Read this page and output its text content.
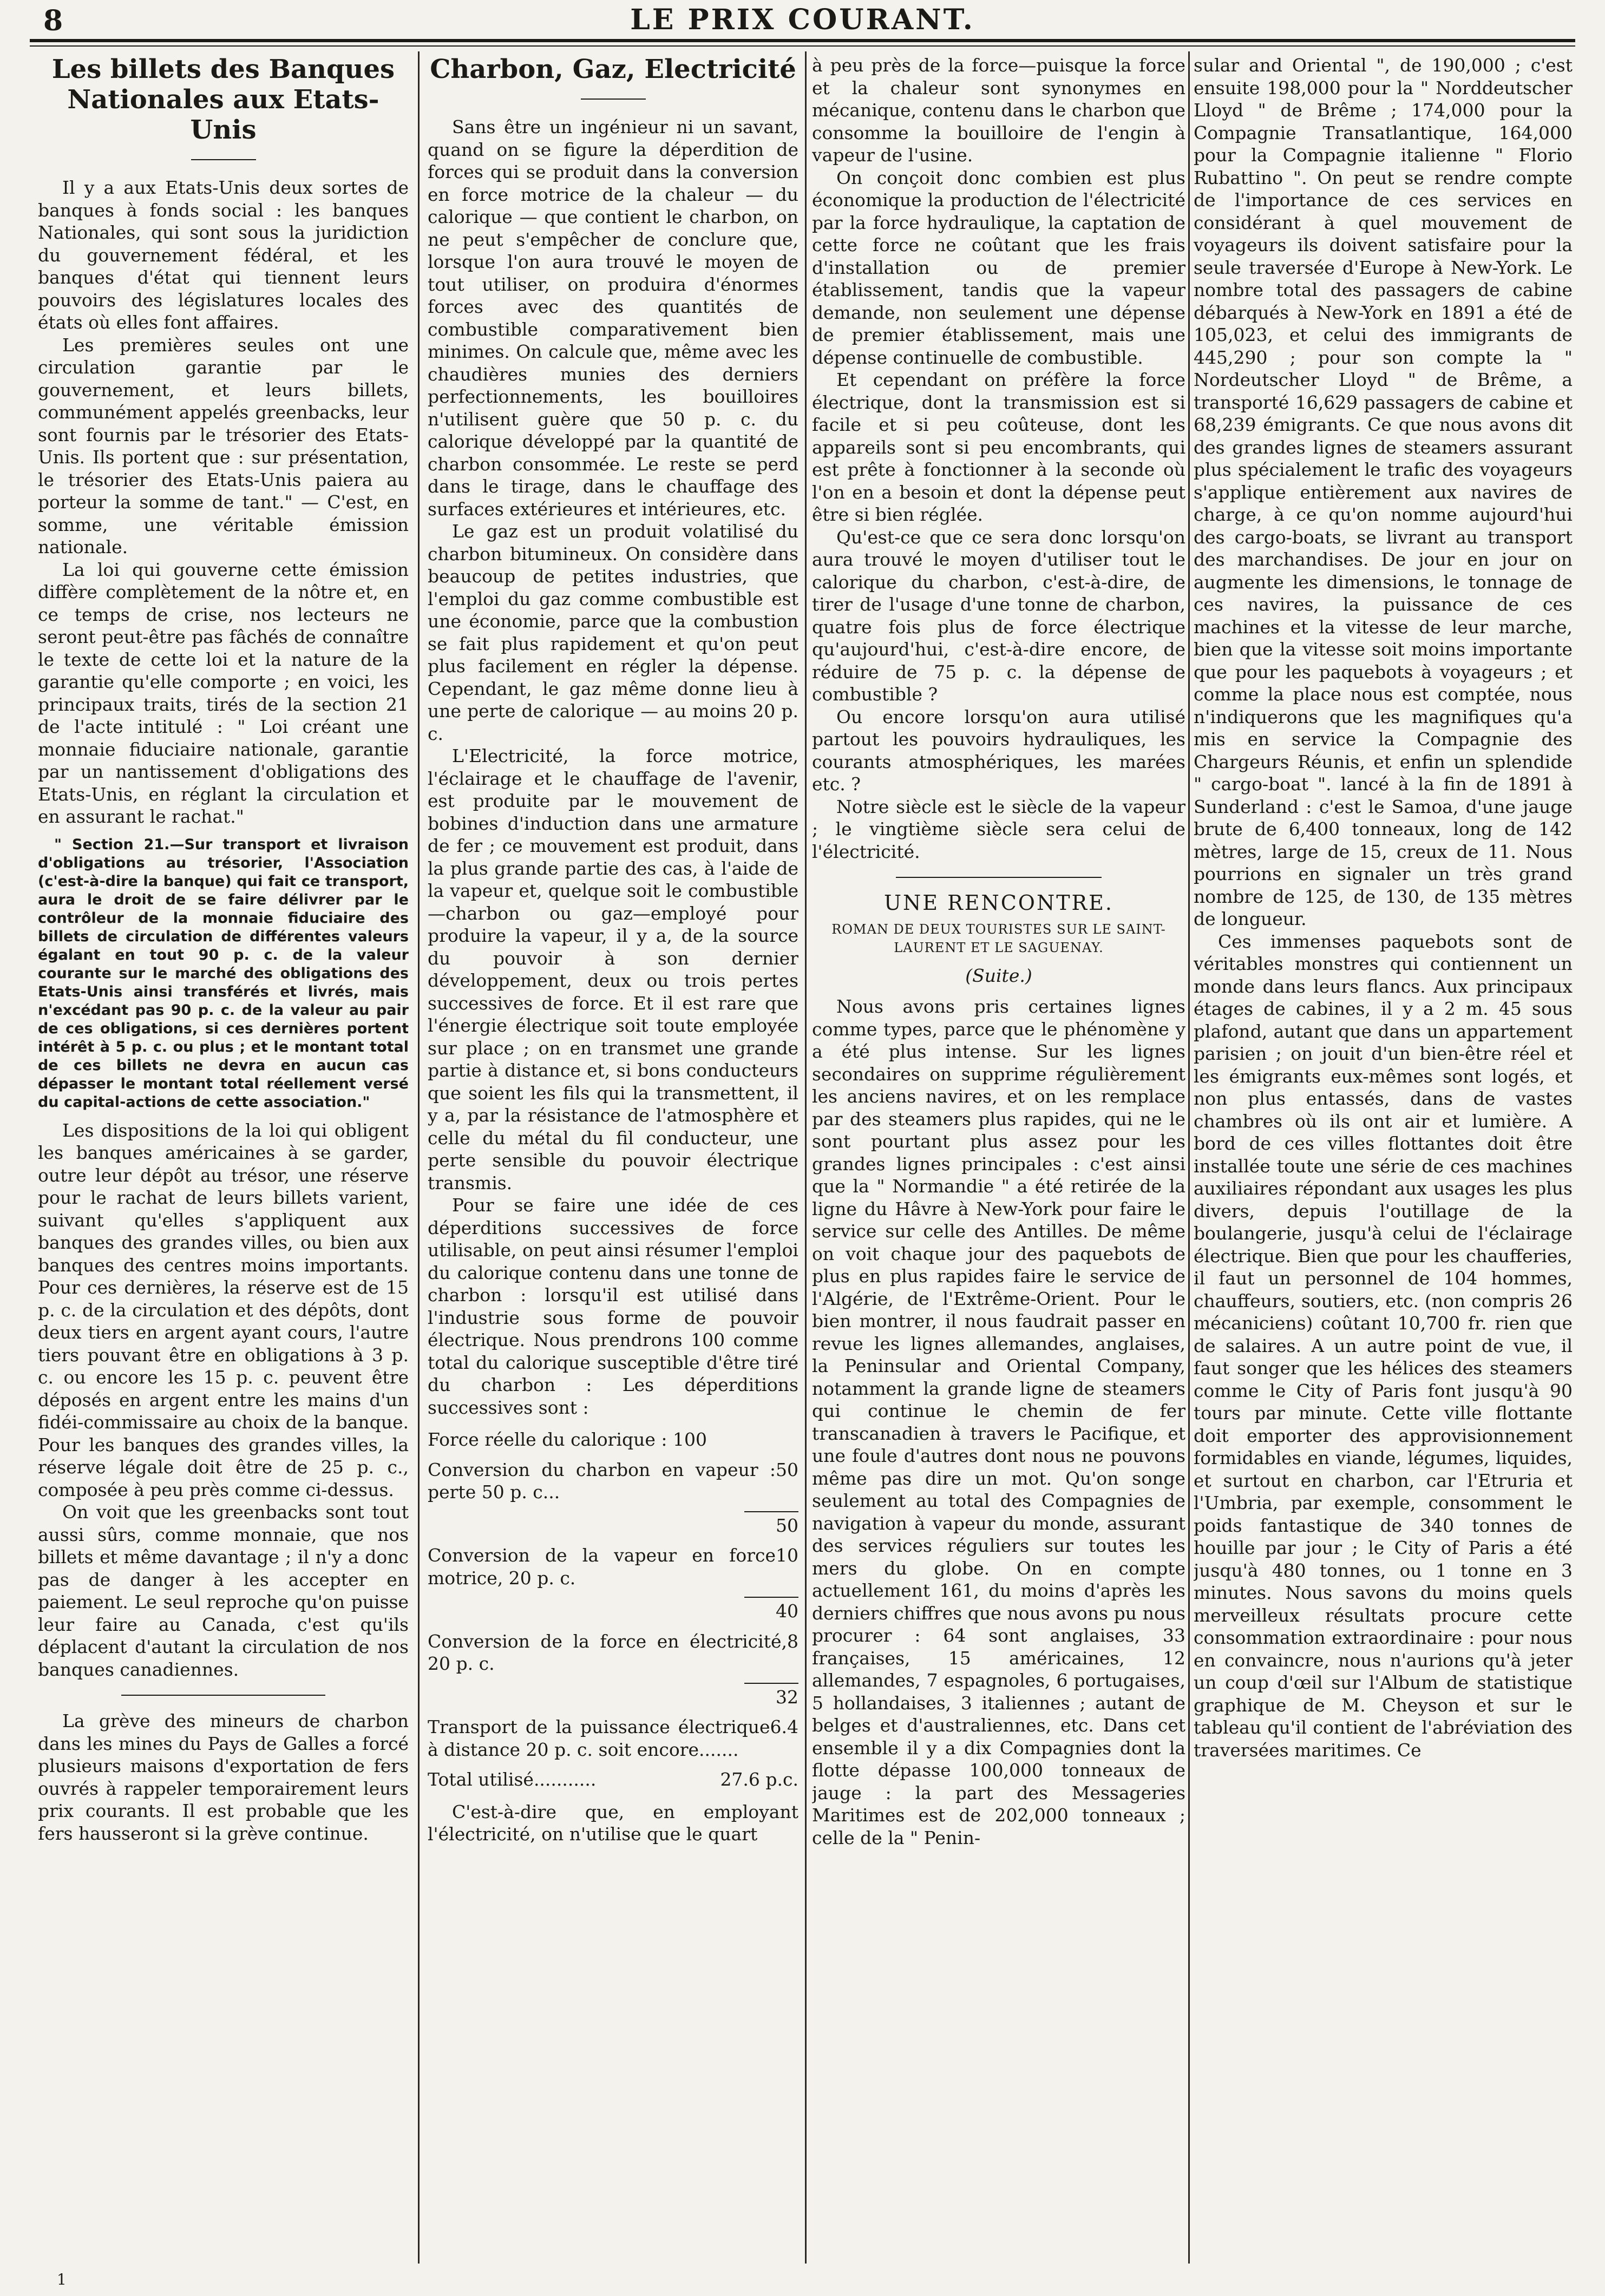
8	LE PRIX COURANT.
Les billets des Banques Nationales aux Etats-Unis

Il y a aux Etats-Unis deux sortes de banques à fonds social : les banques Nationales, qui sont sous la juridiction du gouvernement fédéral, et les banques d'état qui tiennent leurs pouvoirs des législatures locales des états où elles font affaires.

Les premières seules ont une circulation garantie par le gouvernement, et leurs billets, communément appelés greenbacks, leur sont fournis par le trésorier des Etats-Unis. Ils portent que : sur présentation, le trésorier des Etats-Unis paiera au porteur la somme de tant." — C'est, en somme, une véritable émission nationale.

La loi qui gouverne cette émission diffère complètement de la nôtre et, en ce temps de crise, nos lecteurs ne seront peut-être pas fâchés de connaître le texte de cette loi et la nature de la garantie qu'elle comporte ; en voici, les principaux traits, tirés de la section 21 de l'acte intitulé : " Loi créant une monnaie fiduciaire nationale, garantie par un nantissement d'obligations des Etats-Unis, en réglant la circulation et en assurant le rachat."

" Section 21.—Sur transport et livraison d'obligations au trésorier, l'Association (c'est-à-dire la banque) qui fait ce transport, aura le droit de se faire délivrer par le contrôleur de la monnaie fiduciaire des billets de circulation de différentes valeurs égalant en tout 90 p. c. de la valeur courante sur le marché des obligations des Etats-Unis ainsi transférés et livrés, mais n'excédant pas 90 p. c. de la valeur au pair de ces obligations, si ces dernières portent intérêt à 5 p. c. ou plus ; et le montant total de ces billets ne devra en aucun cas dépasser le montant total réellement versé du capital-actions de cette association."

Les dispositions de la loi qui obligent les banques américaines à se garder, outre leur dépôt au trésor, une réserve pour le rachat de leurs billets varient, suivant qu'elles s'appliquent aux banques des grandes villes, ou bien aux banques des centres moins importants. Pour ces dernières, la réserve est de 15 p. c. de la circulation et des dépôts, dont deux tiers en argent ayant cours, l'autre tiers pouvant être en obligations à 3 p. c. ou encore les 15 p. c. peuvent être déposés en argent entre les mains d'un fidéi-commissaire au choix de la banque. Pour les banques des grandes villes, la réserve légale doit être de 25 p. c., composée à peu près comme ci-dessus.

On voit que les greenbacks sont tout aussi sûrs, comme monnaie, que nos billets et même davantage ; il n'y a donc pas de danger à les accepter en paiement. Le seul reproche qu'on puisse leur faire au Canada, c'est qu'ils déplacent d'autant la circulation de nos banques canadiennes.

La grève des mineurs de charbon dans les mines du Pays de Galles a forcé plusieurs maisons d'exportation de fers ouvrés à rappeler temporairement leurs prix courants. Il est probable que les fers hausseront si la grève continue.

Charbon, Gaz, Electricité

Sans être un ingénieur ni un savant, quand on se figure la déperdition de forces qui se produit dans la conversion en force motrice de la chaleur — du calorique — que contient le charbon, on ne peut s'empêcher de conclure que, lorsque l'on aura trouvé le moyen de tout utiliser, on produira d'énormes forces avec des quantités de combustible comparativement bien minimes. On calcule que, même avec les chaudières munies des derniers perfectionnements, les bouilloires n'utilisent guère que 50 p. c. du calorique développé par la quantité de charbon consommée. Le reste se perd dans le tirage, dans le chauffage des surfaces extérieures et intérieures, etc.

Le gaz est un produit volatilisé du charbon bitumineux. On considère dans beaucoup de petites industries, que l'emploi du gaz comme combustible est une économie, parce que la combustion se fait plus rapidement et qu'on peut plus facilement en régler la dépense. Cependant, le gaz même donne lieu à une perte de calorique — au moins 20 p. c.

L'Electricité, la force motrice, l'éclairage et le chauffage de l'avenir, est produite par le mouvement de bobines d'induction dans une armature de fer ; ce mouvement est produit, dans la plus grande partie des cas, à l'aide de la vapeur et, quelque soit le combustible—charbon ou gaz—employé pour produire la vapeur, il y a, de la source du pouvoir à son dernier développement, deux ou trois pertes successives de force. Et il est rare que l'énergie électrique soit toute employée sur place ; on en transmet une grande partie à distance et, si bons conducteurs que soient les fils qui la transmettent, il y a, par la résistance de l'atmosphère et celle du métal du fil conducteur, une perte sensible du pouvoir électrique transmis.

Pour se faire une idée de ces déperditions successives de force utilisable, on peut ainsi résumer l'emploi du calorique contenu dans une tonne de charbon : lorsqu'il est utilisé dans l'industrie sous forme de pouvoir électrique. Nous prendrons 100 comme total du calorique susceptible d'être tiré du charbon : Les déperditions successives sont :

Force réelle du calorique : 100
Conversion du charbon en vapeur : perte 50 p. c...
50
50
Conversion de la vapeur en force motrice, 20 p. c.
10
40
Conversion de la force en électricité, 20 p. c.
8
32
Transport de la puissance électrique à distance 20 p. c. soit encore.......
6.4
Total utilisé...........	27.6 p.c.

C'est-à-dire que, en employant l'électricité, on n'utilise que le quart

à peu près de la force—puisque la force et la chaleur sont synonymes en mécanique, contenu dans le charbon que consomme la bouilloire de l'engin à vapeur de l'usine.

On conçoit donc combien est plus économique la production de l'électricité par la force hydraulique, la captation de cette force ne coûtant que les frais d'installation ou de premier établissement, tandis que la vapeur demande, non seulement une dépense de premier établissement, mais une dépense continuelle de combustible.

Et cependant on préfère la force électrique, dont la transmission est si facile et si peu coûteuse, dont les appareils sont si peu encombrants, qui est prête à fonctionner à la seconde où l'on en a besoin et dont la dépense peut être si bien réglée.

Qu'est-ce que ce sera donc lorsqu'on aura trouvé le moyen d'utiliser tout le calorique du charbon, c'est-à-dire, de tirer de l'usage d'une tonne de charbon, quatre fois plus de force électrique qu'aujourd'hui, c'est-à-dire encore, de réduire de 75 p. c. la dépense de combustible ?

Ou encore lorsqu'on aura utilisé partout les pouvoirs hydrauliques, les courants atmosphériques, les marées etc. ?

Notre siècle est le siècle de la vapeur ; le vingtième siècle sera celui de l'électricité.

UNE RENCONTRE.
ROMAN DE DEUX TOURISTES SUR LE SAINT-LAURENT ET LE SAGUENAY.
(Suite.)

Nous avons pris certaines lignes comme types, parce que le phénomène y a été plus intense. Sur les lignes secondaires on supprime régulièrement les anciens navires, et on les remplace par des steamers plus rapides, qui ne le sont pourtant plus assez pour les grandes lignes principales : c'est ainsi que la " Normandie " a été retirée de la ligne du Hâvre à New-York pour faire le service sur celle des Antilles. De même on voit chaque jour des paquebots de plus en plus rapides faire le service de l'Algérie, de l'Extrême-Orient. Pour le bien montrer, il nous faudrait passer en revue les lignes allemandes, anglaises, la Peninsular and Oriental Company, notamment la grande ligne de steamers qui continue le chemin de fer transcanadien à travers le Pacifique, et une foule d'autres dont nous ne pouvons même pas dire un mot. Qu'on songe seulement au total des Compagnies de navigation à vapeur du monde, assurant des services réguliers sur toutes les mers du globe. On en compte actuellement 161, du moins d'après les derniers chiffres que nous avons pu nous procurer : 64 sont anglaises, 33 françaises, 15 américaines, 12 allemandes, 7 espagnoles, 6 portugaises, 5 hollandaises, 3 italiennes ; autant de belges et d'australiennes, etc. Dans cet ensemble il y a dix Compagnies dont la flotte dépasse 100,000 tonneaux de jauge : la part des Messageries Maritimes est de 202,000 tonneaux ; celle de la " Penin-

sular and Oriental ", de 190,000 ; c'est ensuite 198,000 pour la " Norddeutscher Lloyd " de Brême ; 174,000 pour la Compagnie Transatlantique, 164,000 pour la Compagnie italienne " Florio Rubattino ". On peut se rendre compte de l'importance de ces services en considérant à quel mouvement de voyageurs ils doivent satisfaire pour la seule traversée d'Europe à New-York. Le nombre total des passagers de cabine débarqués à New-York en 1891 a été de 105,023, et celui des immigrants de 445,290 ; pour son compte la " Nordeutscher Lloyd " de Brême, a transporté 16,629 passagers de cabine et 68,239 émigrants. Ce que nous avons dit des grandes lignes de steamers assurant plus spécialement le trafic des voyageurs s'applique entièrement aux navires de charge, à ce qu'on nomme aujourd'hui des cargo-boats, se livrant au transport des marchandises. De jour en jour on augmente les dimensions, le tonnage de ces navires, la puissance de ces machines et la vitesse de leur marche, bien que la vitesse soit moins importante que pour les paquebots à voyageurs ; et comme la place nous est comptée, nous n'indiquerons que les magnifiques qu'a mis en service la Compagnie des Chargeurs Réunis, et enfin un splendide " cargo-boat ". lancé à la fin de 1891 à Sunderland : c'est le Samoa, d'une jauge brute de 6,400 tonneaux, long de 142 mètres, large de 15, creux de 11. Nous pourrions en signaler un très grand nombre de 125, de 130, de 135 mètres de longueur.

Ces immenses paquebots sont de véritables monstres qui contiennent un monde dans leurs flancs. Aux principaux étages de cabines, il y a 2 m. 45 sous plafond, autant que dans un appartement parisien ; on jouit d'un bien-être réel et les émigrants eux-mêmes sont logés, et non plus entassés, dans de vastes chambres où ils ont air et lumière. A bord de ces villes flottantes doit être installée toute une série de ces machines auxiliaires répondant aux usages les plus divers, depuis l'outillage de la boulangerie, jusqu'à celui de l'éclairage électrique. Bien que pour les chaufferies, il faut un personnel de 104 hommes, chauffeurs, soutiers, etc. (non compris 26 mécaniciens) coûtant 10,700 fr. rien que de salaires. A un autre point de vue, il faut songer que les hélices des steamers comme le City of Paris font jusqu'à 90 tours par minute. Cette ville flottante doit emporter des approvisionnement formidables en viande, légumes, liquides, et surtout en charbon, car l'Etruria et l'Umbria, par exemple, consomment le poids fantastique de 340 tonnes de houille par jour ; le City of Paris a été jusqu'à 480 tonnes, ou 1 tonne en 3 minutes. Nous savons du moins quels merveilleux résultats procure cette consommation extraordinaire : pour nous en convaincre, nous n'aurions qu'à jeter un coup d'œil sur l'Album de statistique graphique de M. Cheyson et sur le tableau qu'il contient de l'abréviation des traversées maritimes. Ce

1
